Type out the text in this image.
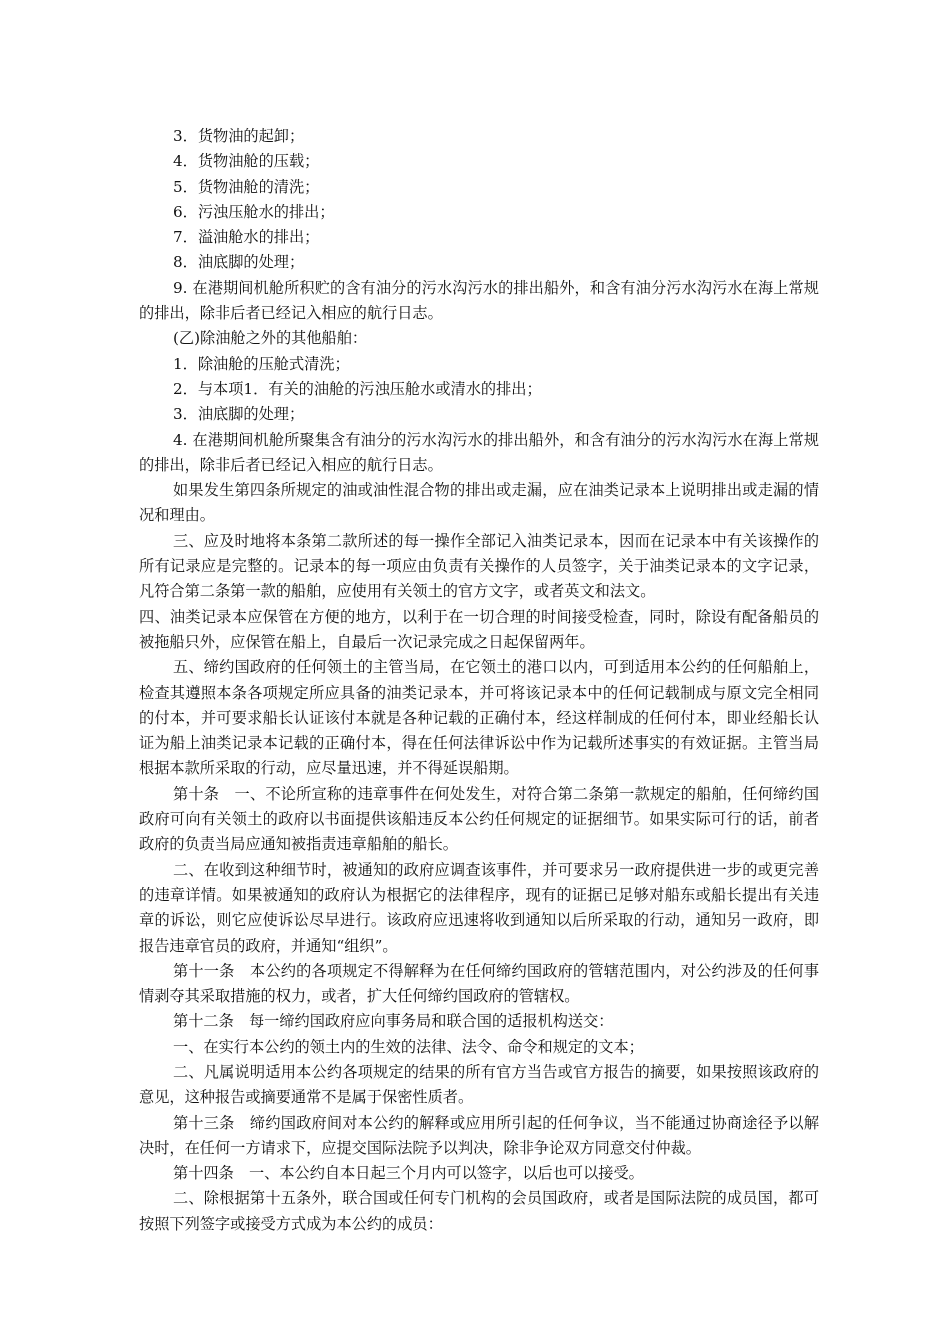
3．货物油的起卸；

4．货物油舱的压载；

5．货物油舱的清洗；

6．污浊压舱水的排出；

7．溢油舱水的排出；

8．油底脚的处理；

9. 在港期间机舱所积贮的含有油分的污水沟污水的排出船外，和含有油分污水沟污水在海上常规的排出，除非后者已经记入相应的航行日志。

(乙)除油舱之外的其他船舶：

1．除油舱的压舱式清洗；

2．与本项1．有关的油舱的污浊压舱水或清水的排出；

3．油底脚的处理；

4. 在港期间机舱所聚集含有油分的污水沟污水的排出船外，和含有油分的污水沟污水在海上常规的排出，除非后者已经记入相应的航行日志。

如果发生第四条所规定的油或油性混合物的排出或走漏，应在油类记录本上说明排出或走漏的情况和理由。

三、应及时地将本条第二款所述的每一操作全部记入油类记录本，因而在记录本中有关该操作的所有记录应是完整的。记录本的每一项应由负责有关操作的人员签字，关于油类记录本的文字记录，凡符合第二条第一款的船舶，应使用有关领土的官方文字，或者英文和法文。

四、油类记录本应保管在方便的地方，以利于在一切合理的时间接受检查，同时，除设有配备船员的被拖船只外，应保管在船上，自最后一次记录完成之日起保留两年。

五、缔约国政府的任何领土的主管当局，在它领土的港口以内，可到适用本公约的任何船舶上，检查其遵照本条各项规定所应具备的油类记录本，并可将该记录本中的任何记载制成与原文完全相同的付本，并可要求船长认证该付本就是各种记载的正确付本，经这样制成的任何付本，即业经船长认证为船上油类记录本记载的正确付本，得在任何法律诉讼中作为记载所述事实的有效证据。主管当局根据本款所采取的行动，应尽量迅速，并不得延误船期。

第十条　一、不论所宣称的违章事件在何处发生，对符合第二条第一款规定的船舶，任何缔约国政府可向有关领土的政府以书面提供该船违反本公约任何规定的证据细节。如果实际可行的话，前者政府的负责当局应通知被指责违章船舶的船长。

二、在收到这种细节时，被通知的政府应调查该事件，并可要求另一政府提供进一步的或更完善的违章详情。如果被通知的政府认为根据它的法律程序，现有的证据已足够对船东或船长提出有关违章的诉讼，则它应使诉讼尽早进行。该政府应迅速将收到通知以后所采取的行动，通知另一政府，即报告违章官员的政府，并通知“组织”。

第十一条　本公约的各项规定不得解释为在任何缔约国政府的管辖范围内，对公约涉及的任何事情剥夺其采取措施的权力，或者，扩大任何缔约国政府的管辖权。

第十二条　每一缔约国政府应向事务局和联合国的适报机构送交：

一、在实行本公约的领土内的生效的法律、法令、命令和规定的文本；

二、凡属说明适用本公约各项规定的结果的所有官方当告或官方报告的摘要，如果按照该政府的意见，这种报告或摘要通常不是属于保密性质者。

第十三条　缔约国政府间对本公约的解释或应用所引起的任何争议，当不能通过协商途径予以解决时，在任何一方请求下，应提交国际法院予以判决，除非争论双方同意交付仲裁。

第十四条　一、本公约自本日起三个月内可以签字，以后也可以接受。

二、除根据第十五条外，联合国或任何专门机构的会员国政府，或者是国际法院的成员国，都可按照下列签字或接受方式成为本公约的成员：
